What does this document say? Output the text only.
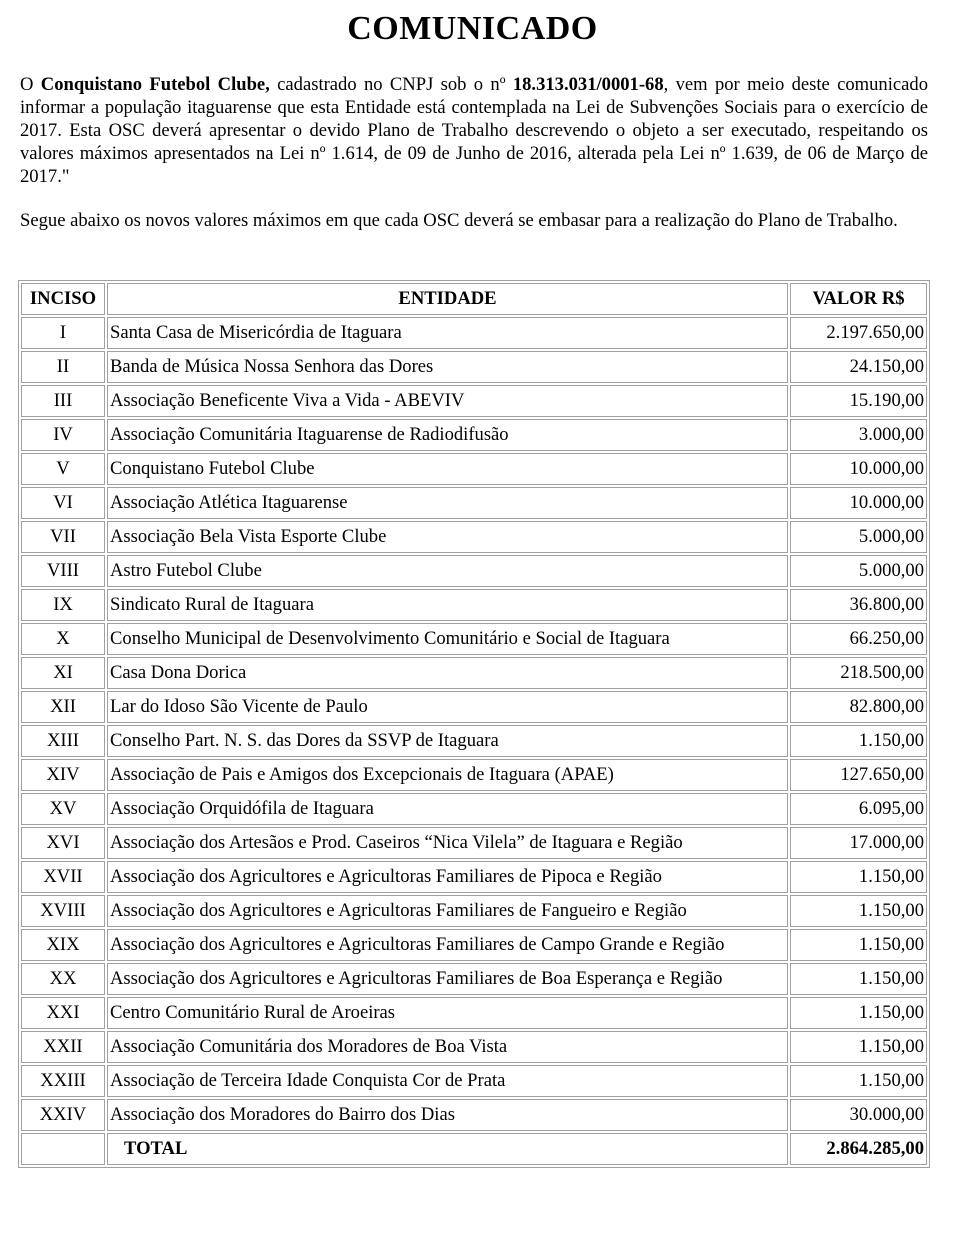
COMUNICADO
O Conquistano Futebol Clube, cadastrado no CNPJ sob o nº 18.313.031/0001-68, vem por meio deste comunicado informar a população itaguarense que esta Entidade está contemplada na Lei de Subvenções Sociais para o exercício de 2017. Esta OSC deverá apresentar o devido Plano de Trabalho descrevendo o objeto a ser executado, respeitando os valores máximos apresentados na Lei nº 1.614, de 09 de Junho de 2016, alterada pela Lei nº 1.639, de 06 de Março de 2017."
Segue abaixo os novos valores máximos em que cada OSC deverá se embasar para a realização do Plano de Trabalho.
INCISO	ENTIDADE	VALOR R$
I	Santa Casa de Misericórdia de Itaguara	2.197.650,00
II	Banda de Música Nossa Senhora das Dores	24.150,00
III	Associação Beneficente Viva a Vida - ABEVIV	15.190,00
IV	Associação Comunitária Itaguarense de Radiodifusão	3.000,00
V	Conquistano Futebol Clube	10.000,00
VI	Associação Atlética Itaguarense	10.000,00
VII	Associação Bela Vista Esporte Clube	5.000,00
VIII	Astro Futebol Clube	5.000,00
IX	Sindicato Rural de Itaguara	36.800,00
X	Conselho Municipal de Desenvolvimento Comunitário e Social de Itaguara	66.250,00
XI	Casa Dona Dorica	218.500,00
XII	Lar do Idoso São Vicente de Paulo	82.800,00
XIII	Conselho Part. N. S. das Dores da SSVP de Itaguara	1.150,00
XIV	Associação de Pais e Amigos dos Excepcionais de Itaguara (APAE)	127.650,00
XV	Associação Orquidófila de Itaguara	6.095,00
XVI	Associação dos Artesãos e Prod. Caseiros “Nica Vilela” de Itaguara e Região	17.000,00
XVII	Associação dos Agricultores e Agricultoras Familiares de Pipoca e Região	1.150,00
XVIII	Associação dos Agricultores e Agricultoras Familiares de Fangueiro e Região	1.150,00
XIX	Associação dos Agricultores e Agricultoras Familiares de Campo Grande e Região	1.150,00
XX	Associação dos Agricultores e Agricultoras Familiares de Boa Esperança e Região	1.150,00
XXI	Centro Comunitário Rural de Aroeiras	1.150,00
XXII	Associação Comunitária dos Moradores de Boa Vista	1.150,00
XXIII	Associação de Terceira Idade Conquista Cor de Prata	1.150,00
XXIV	Associação dos Moradores do Bairro dos Dias	30.000,00
	TOTAL	2.864.285,00
